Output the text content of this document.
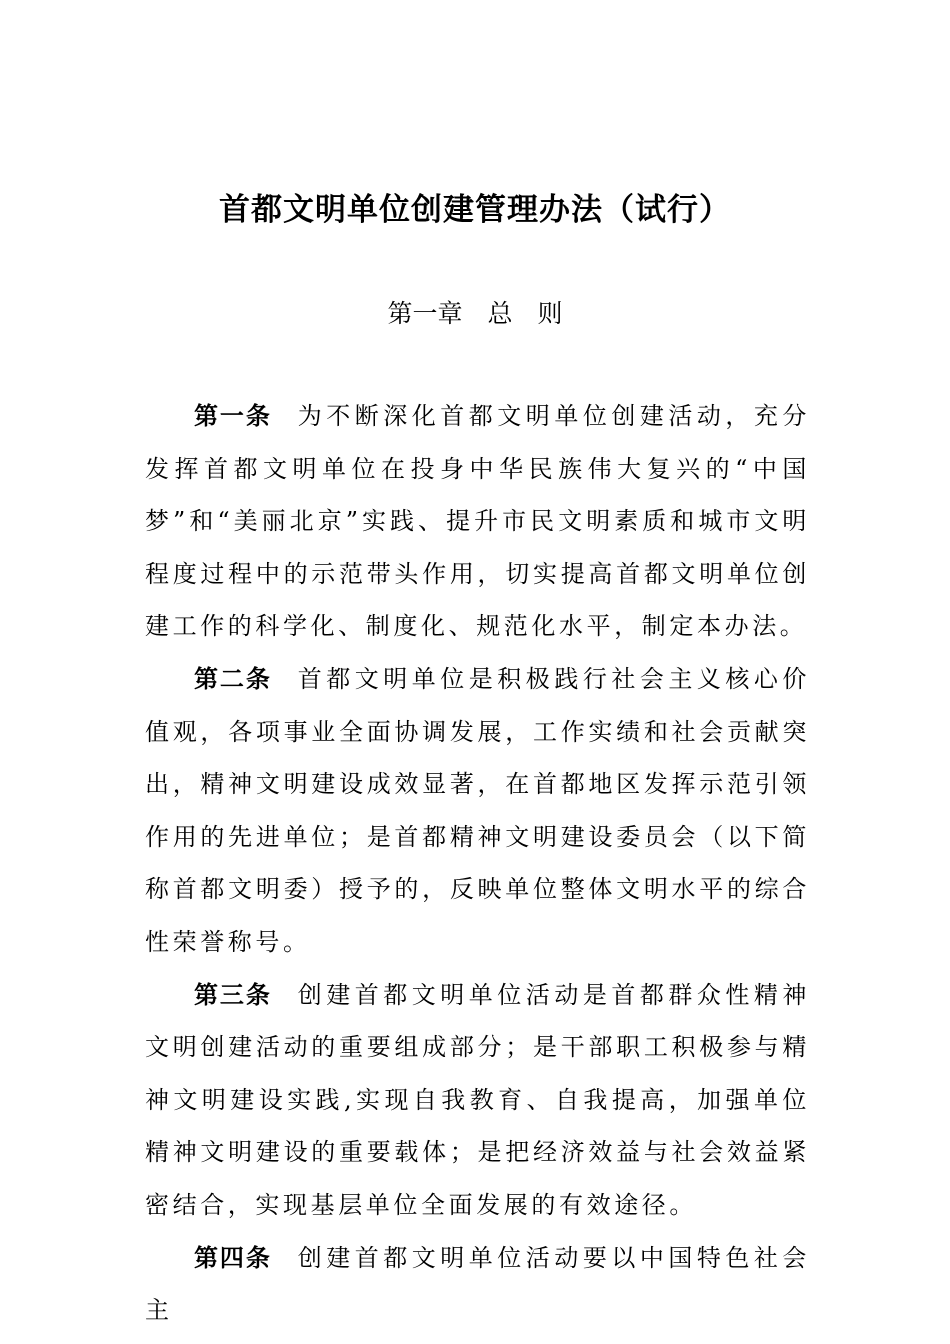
首都文明单位创建管理办法（试行）
第一章　总　则

第一条 为不断深化首都文明单位创建活动，充分发挥首都文明单位在投身中华民族伟大复兴的“中国梦”和“美丽北京”实践、提升市民文明素质和城市文明程度过程中的示范带头作用，切实提高首都文明单位创建工作的科学化、制度化、规范化水平，制定本办法。

第二条 首都文明单位是积极践行社会主义核心价值观，各项事业全面协调发展，工作实绩和社会贡献突出，精神文明建设成效显著，在首都地区发挥示范引领作用的先进单位；是首都精神文明建设委员会（以下简称首都文明委）授予的，反映单位整体文明水平的综合性荣誉称号。

第三条 创建首都文明单位活动是首都群众性精神文明创建活动的重要组成部分；是干部职工积极参与精神文明建设实践,实现自我教育、自我提高，加强单位精神文明建设的重要载体；是把经济效益与社会效益紧密结合，实现基层单位全面发展的有效途径。

第四条 创建首都文明单位活动要以中国特色社会主
